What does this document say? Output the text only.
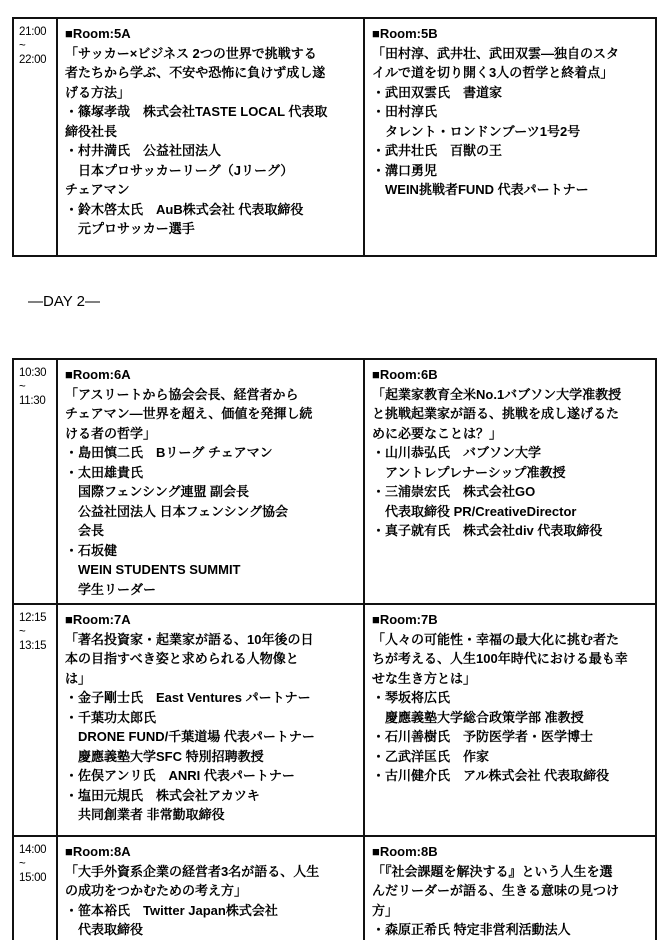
21:00
~
22:00
■Room:5A
「サッカー×ビジネス 2つの世界で挑戦する
者たちから学ぶ、不安や恐怖に負けず成し遂
げる方法」
・篠塚孝哉　株式会社TASTE LOCAL 代表取
締役社長
・村井満氏　公益社団法人
　日本プロサッカーリーグ（Jリーグ）
チェアマン
・鈴木啓太氏　AuB株式会社 代表取締役
　元プロサッカー選手
■Room:5B
「田村淳、武井壮、武田双雲―独自のスタ
イルで道を切り開く3人の哲学と終着点」
・武田双雲氏　書道家
・田村淳氏
　タレント・ロンドンブーツ1号2号
・武井壮氏　百獣の王
・溝口勇児
　WEIN挑戦者FUND 代表パートナー
—DAY 2—
10:30
~
11:30
■Room:6A
「アスリートから協会会長、経営者から
チェアマン―世界を超え、価値を発揮し続
ける者の哲学」
・島田慎二氏　Bリーグ チェアマン
・太田雄貴氏
　国際フェンシング連盟 副会長
　公益社団法人 日本フェンシング協会
　会長
・石坂健
　WEIN STUDENTS SUMMIT
　学生リーダー
■Room:6B
「起業家教育全米No.1バブソン大学准教授
と挑戦起業家が語る、挑戦を成し遂げるた
めに必要なことは？」
・山川恭弘氏　バブソン大学
　アントレプレナーシップ准教授
・三浦崇宏氏　株式会社GO
　代表取締役 PR/CreativeDirector
・真子就有氏　株式会社div 代表取締役
12:15
~
13:15
■Room:7A
「著名投資家・起業家が語る、10年後の日
本の目指すべき姿と求められる人物像と
は」
・金子剛士氏　East Ventures パートナー
・千葉功太郎氏
　DRONE FUND/千葉道場 代表パートナー
　慶應義塾大学SFC 特別招聘教授
・佐俣アンリ氏　ANRI 代表パートナー
・塩田元規氏　株式会社アカツキ
　共同創業者 非常勤取締役
■Room:7B
「人々の可能性・幸福の最大化に挑む者た
ちが考える、人生100年時代における最も幸
せな生き方とは」
・琴坂将広氏
　慶應義塾大学総合政策学部 准教授
・石川善樹氏　予防医学者・医学博士
・乙武洋匡氏　作家
・古川健介氏　アル株式会社 代表取締役
14:00
~
15:00
■Room:8A
「大手外資系企業の経営者3名が語る、人生
の成功をつかむための考え方」
・笹本裕氏　Twitter Japan株式会社
　代表取締役
■Room:8B
「『社会課題を解決する』という人生を選
んだリーダーが語る、生きる意味の見つけ
方」
・森原正希氏 特定非営利活動法人
